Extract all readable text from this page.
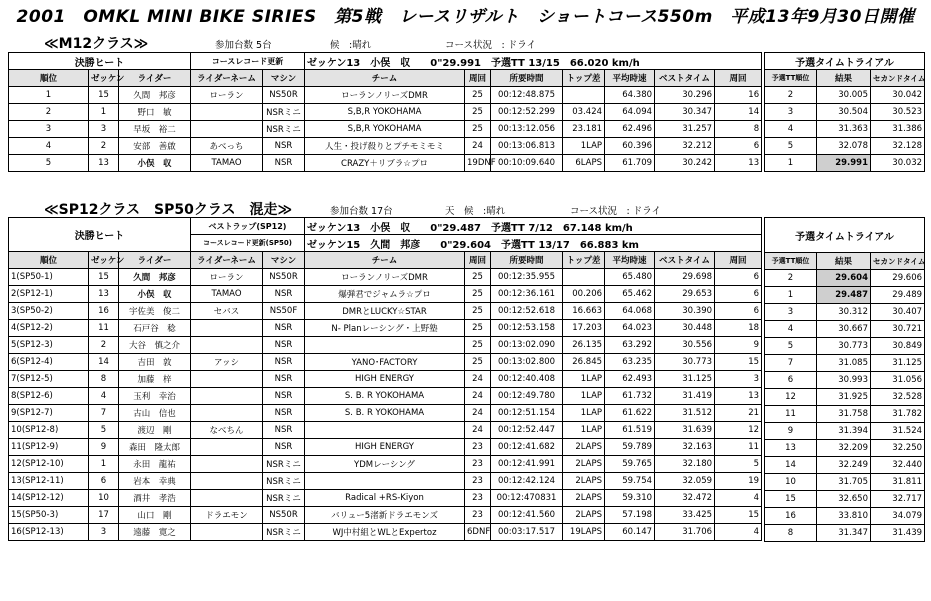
2001　OMKL MINI BIKE SIRIES　第5戦　レースリザルト　ショートコース550m　平成13年9月30日開催
≪M12クラス≫	参加台数 5台	候　:晴れ	コース状況　: ドライ
決勝ヒート			コースレコード更新		ゼッケン13　小俣　収　　0"29.991　予選TT 13/15　66.020 km/h						
順位	ゼッケン	ライダー	ライダーネーム	マシン	チーム	周回	所要時間	トップ差	平均時速	ベストタイム	周回
1	15	久間　邦彦	ローラン	NS50R	ローランノリーズDMR	25	00:12:48.875		64.380	30.296	16
2	1	野口　敏		NSRミニ	S,B,R YOKOHAMA	25	00:12:52.299	03.424	64.094	30.347	14
3	3	早坂　裕二		NSRミニ	S,B,R YOKOHAMA	25	00:13:12.056	23.181	62.496	31.257	8
4	2	安部　善啟	あべっち	NSR	人生・投げ殺りとプチモミモミ	24	00:13:06.813	1LAP	60.396	32.212	6
5	13	小俣　収	TAMAO	NSR	CRAZY＋リブラ☆プロ	19DNF	00:10:09.640	6LAPS	61.709	30.242	13
予選タイムトライアル		
予選TT順位	結果	セカンドタイム
2	30.005	30.042
3	30.504	30.523
4	31.363	31.386
5	32.078	32.128
1	29.991	30.032
≪SP12クラス　SP50クラス　混走≫	参加台数 17台	天　候　:晴れ	コース状況　: ドライ
決勝ヒート			ベストラップ(SP12)		ゼッケン13　小俣　収　　0"29.487　予選TT 7/12　67.148 km/h						
			コースレコード更新(SP50)		ゼッケン15　久間　邦彦　　0"29.604　予選TT 13/17　66.883 km						
順位	ゼッケン	ライダー	ライダーネーム	マシン	チーム	周回	所要時間	トップ差	平均時速	ベストタイム	周回
1(SP50-1)	15	久間　邦彦	ローラン	NS50R	ローランノリーズDMR	25	00:12:35.955		65.480	29.698	6
2(SP12-1)	13	小俣　収	TAMAO	NSR	爆弾君でジャムラ☆プロ	25	00:12:36.161	00.206	65.462	29.653	6
3(SP50-2)	16	宇佐美　俊二	セバス	NS50F	DMRとLUCKY☆STAR	25	00:12:52.618	16.663	64.068	30.390	6
4(SP12-2)	11	石戸谷　稔		NSR	N- Planレーシング・上野塾	25	00:12:53.158	17.203	64.023	30.448	18
5(SP12-3)	2	大谷　慎之介		NSR		25	00:13:02.090	26.135	63.292	30.556	9
6(SP12-4)	14	吉田　敦	アッシ	NSR	YANO･FACTORY	25	00:13:02.800	26.845	63.235	30.773	15
7(SP12-5)	8	加藤　梓		NSR	HIGH ENERGY	24	00:12:40.408	1LAP	62.493	31.125	3
8(SP12-6)	4	玉利　幸治		NSR	S. B. R YOKOHAMA	24	00:12:49.780	1LAP	61.732	31.419	13
9(SP12-7)	7	古山　信也		NSR	S. B. R YOKOHAMA	24	00:12:51.154	1LAP	61.622	31.512	21
10(SP12-8)	5	渡辺　剛	なべちん	NSR		24	00:12:52.447	1LAP	61.519	31.639	12
11(SP12-9)	9	森田　隆太郎		NSR	HIGH ENERGY	23	00:12:41.682	2LAPS	59.789	32.163	11
12(SP12-10)	1	永田　龍祐		NSRミニ	YDMレーシング	23	00:12:41.991	2LAPS	59.765	32.180	5
13(SP12-11)	6	岩本　幸典		NSRミニ		23	00:12:42.124	2LAPS	59.754	32.059	19
14(SP12-12)	10	酒井　孝浩		NSRミニ	Radical +RS-Kiyon	23	00:12:470831	2LAPS	59.310	32.472	4
15(SP50-3)	17	山口　剛	ドラエモン	NS50R	バリュー5渚新ドラエモンズ	23	00:12:41.560	2LAPS	57.198	33.425	15
16(SP12-13)	3	遠藤　寛之		NSRミニ	WJ中村組とWLとExpertoz	6DNF	00:03:17.517	19LAPS	60.147	31.706	4
予選タイムトライアル		

予選TT順位	結果	セカンドタイム
2	29.604	29.606
1	29.487	29.489
3	30.312	30.407
4	30.667	30.721
5	30.773	30.849
7	31.085	31.125
6	30.993	31.056
12	31.925	32.528
11	31.758	31.782
9	31.394	31.524
13	32.209	32.250
14	32.249	32.440
10	31.705	31.811
15	32.650	32.717
16	33.810	34.079
8	31.347	31.439
